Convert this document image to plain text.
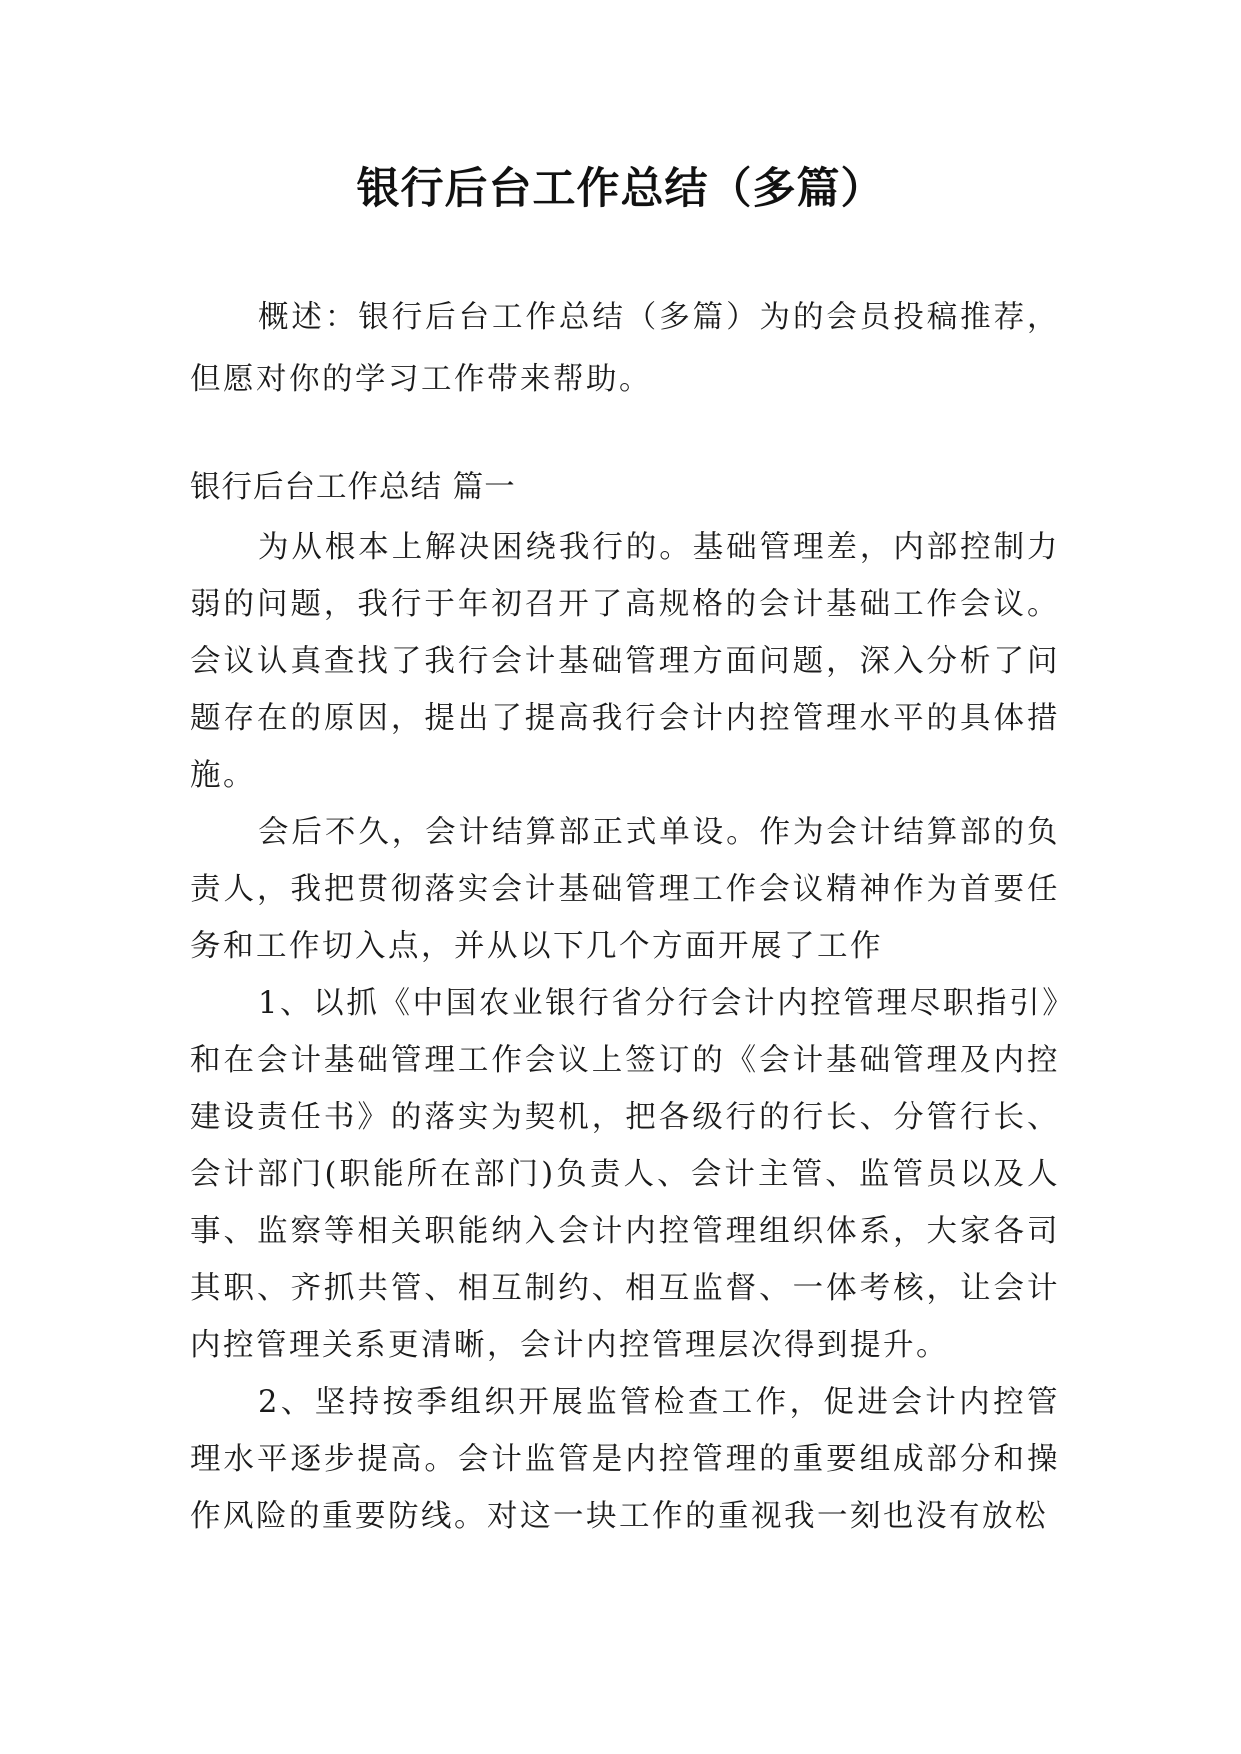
银行后台工作总结（多篇）

概述：银行后台工作总结（多篇）为的会员投稿推荐，但愿对你的学习工作带来帮助。

银行后台工作总结 篇一

为从根本上解决困绕我行的。基础管理差，内部控制力弱的问题，我行于年初召开了高规格的会计基础工作会议。会议认真查找了我行会计基础管理方面问题，深入分析了问题存在的原因，提出了提高我行会计内控管理水平的具体措施。

会后不久，会计结算部正式单设。作为会计结算部的负责人，我把贯彻落实会计基础管理工作会议精神作为首要任务和工作切入点，并从以下几个方面开展了工作

1、以抓《中国农业银行省分行会计内控管理尽职指引》和在会计基础管理工作会议上签订的《会计基础管理及内控建设责任书》的落实为契机，把各级行的行长、分管行长、会计部门(职能所在部门)负责人、会计主管、监管员以及人事、监察等相关职能纳入会计内控管理组织体系，大家各司其职、齐抓共管、相互制约、相互监督、一体考核，让会计内控管理关系更清晰，会计内控管理层次得到提升。

2、坚持按季组织开展监管检查工作，促进会计内控管理水平逐步提高。会计监管是内控管理的重要组成部分和操作风险的重要防线。对这一块工作的重视我一刻也没有放松
